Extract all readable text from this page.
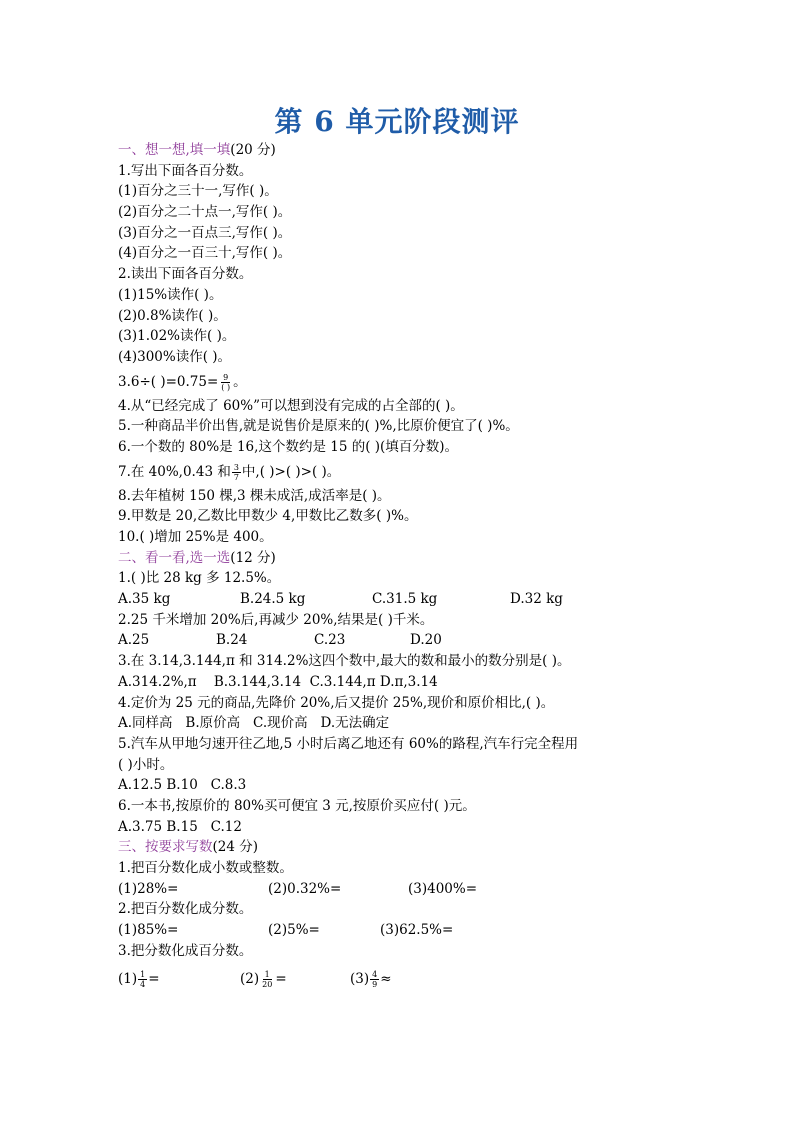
第 6 单元阶段测评
一、想一想,填一填(20 分)
1.写出下面各百分数。
(1)百分之三十一,写作( )。
(2)百分之二十点一,写作( )。
(3)百分之一百点三,写作( )。
(4)百分之一百三十,写作( )。
2.读出下面各百分数。
(1)15%读作( )。
(2)0.8%读作( )。
(3)1.02%读作( )。
(4)300%读作( )。
3.6÷( )$=0.75= \frac{9}{( )}$ 。
4.从“已经完成了 60%”可以想到没有完成的占全部的( )。
5.一种商品半价出售,就是说售价是原来的( )%,比原价便宜了( )%。
6.一个数的 80%是 16,这个数约是 15 的( )(填百分数)。
7.在 40%,0.43 和 $\frac{3}{7}$ 中,( )>( )>( )。
8.去年植树 150 棵,3 棵未成活,成活率是( )。
9.甲数是 20,乙数比甲数少 4,甲数比乙数多( )%。
10.( )增加 25%是 400。
二、看一看,选一选(12 分)
1.( )比 28 kg 多 12.5%。
A.35 kg	B.24.5 kg	C.31.5 kg	D.32 kg
2.25 千米增加 20%后,再减少 20%,结果是( )千米。
A.25	B.24	C.23	D.20
3.在 3.14,3.144,π 和 314.2%这四个数中,最大的数和最小的数分别是( )。
A.314.2%,π    B.3.144,3.14  C.3.144,π D.π,3.14
4.定价为 25 元的商品,先降价 20%,后又提价 25%,现价和原价相比,( )。
A.同样高   B.原价高   C.现价高   D.无法确定
5.汽车从甲地匀速开往乙地,5 小时后离乙地还有 60%的路程,汽车行完全程用
( )小时。
A.12.5 B.10   C.8.3
6.一本书,按原价的 80%买可便宜 3 元,按原价买应付( )元。
A.3.75 B.15   C.12
三、按要求写数(24 分)
1.把百分数化成小数或整数。
(1)28%=	(2)0.32%=	(3)400%=
2.把百分数化成分数。
(1)85%=	(2)5%=	(3)62.5%=
3.把分数化成百分数。
$(1) \frac{1}{4}$ =	$(2) \frac{1}{20}$ =	$(3) \frac{4}{9}$ ≈
